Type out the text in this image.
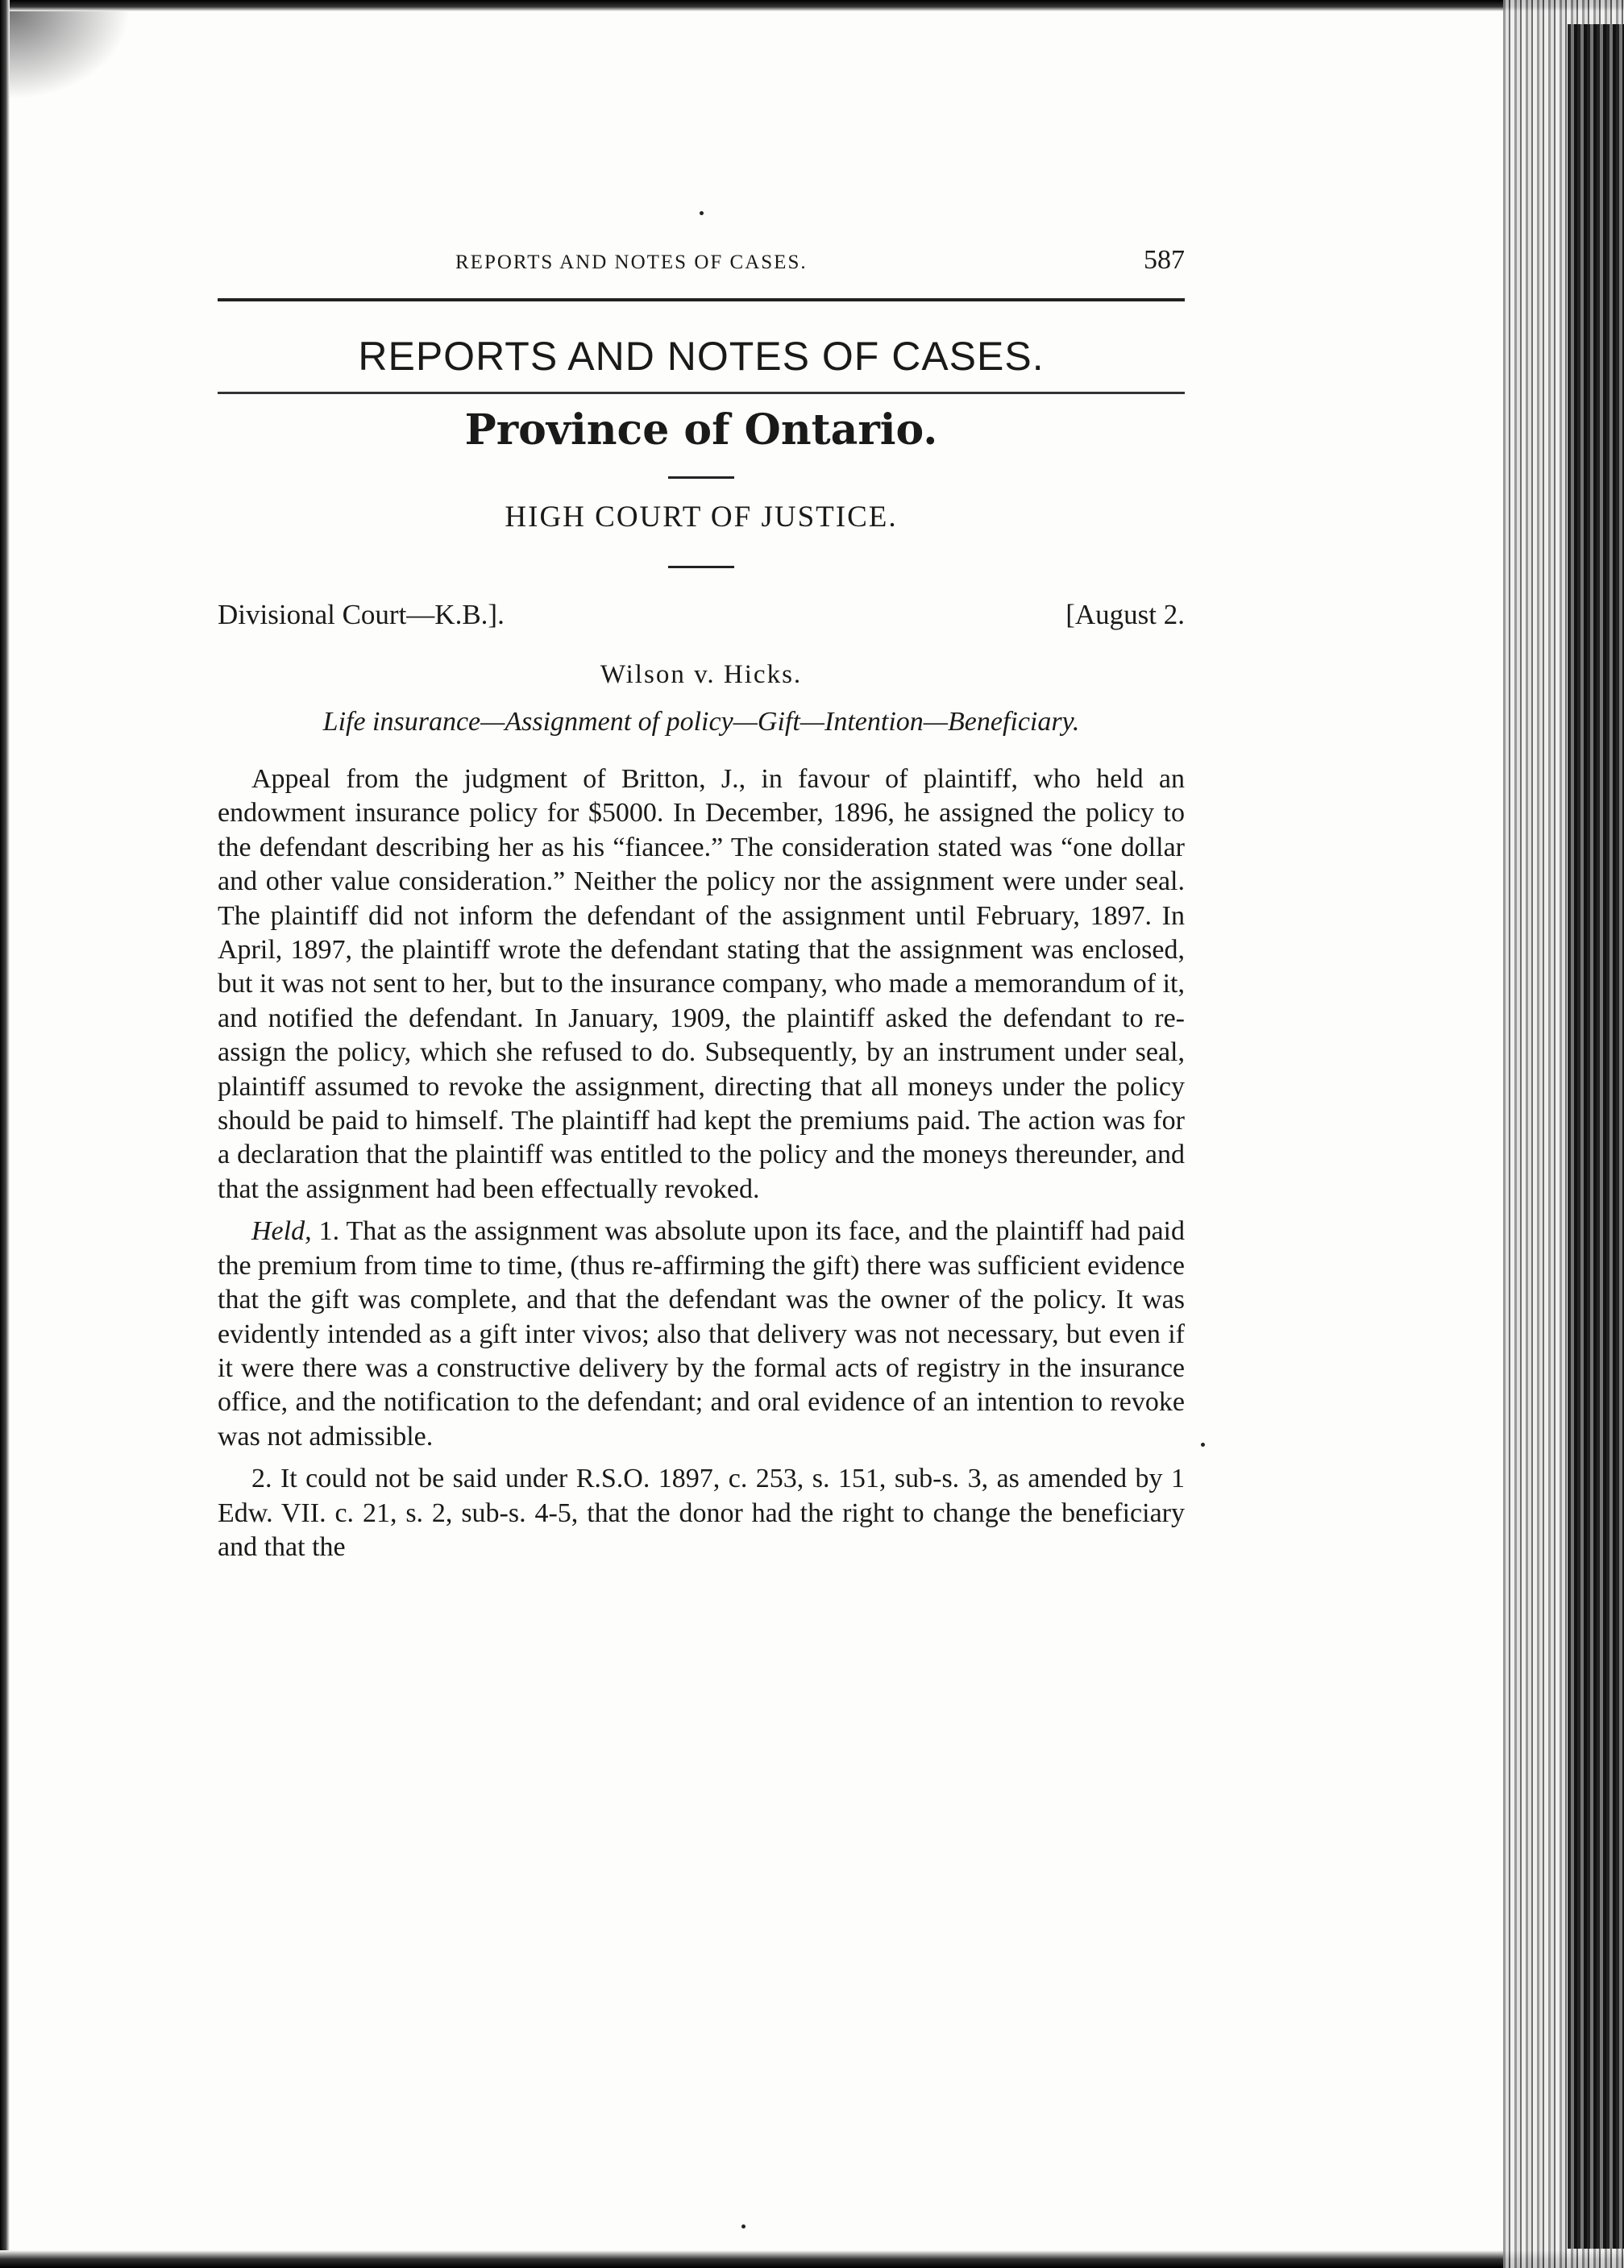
REPORTS AND NOTES OF CASES.	587
REPORTS AND NOTES OF CASES.
Province of Ontario.
HIGH COURT OF JUSTICE.
Divisional Court—K.B.].	[August 2.
Wilson v. Hicks.
Life insurance—Assignment of policy—Gift—Intention—Beneficiary.

Appeal from the judgment of Britton, J., in favour of plaintiff, who held an endowment insurance policy for $5000. In December, 1896, he assigned the policy to the defendant describing her as his “fiancee.” The consideration stated was “one dollar and other value consideration.” Neither the policy nor the assignment were under seal. The plaintiff did not inform the defendant of the assignment until February, 1897. In April, 1897, the plaintiff wrote the defendant stating that the assignment was enclosed, but it was not sent to her, but to the insurance company, who made a memorandum of it, and notified the defendant. In January, 1909, the plaintiff asked the defendant to re-assign the policy, which she refused to do. Subsequently, by an instrument under seal, plaintiff assumed to revoke the assignment, directing that all moneys under the policy should be paid to himself. The plaintiff had kept the premiums paid. The action was for a declaration that the plaintiff was entitled to the policy and the moneys thereunder, and that the assignment had been effectually revoked.

Held, 1. That as the assignment was absolute upon its face, and the plaintiff had paid the premium from time to time, (thus re-affirming the gift) there was sufficient evidence that the gift was complete, and that the defendant was the owner of the policy. It was evidently intended as a gift inter vivos; also that delivery was not necessary, but even if it were there was a constructive delivery by the formal acts of registry in the insurance office, and the notification to the defendant; and oral evidence of an intention to revoke was not admissible.

2. It could not be said under R.S.O. 1897, c. 253, s. 151, sub-s. 3, as amended by 1 Edw. VII. c. 21, s. 2, sub-s. 4-5, that the donor had the right to change the beneficiary and that the
